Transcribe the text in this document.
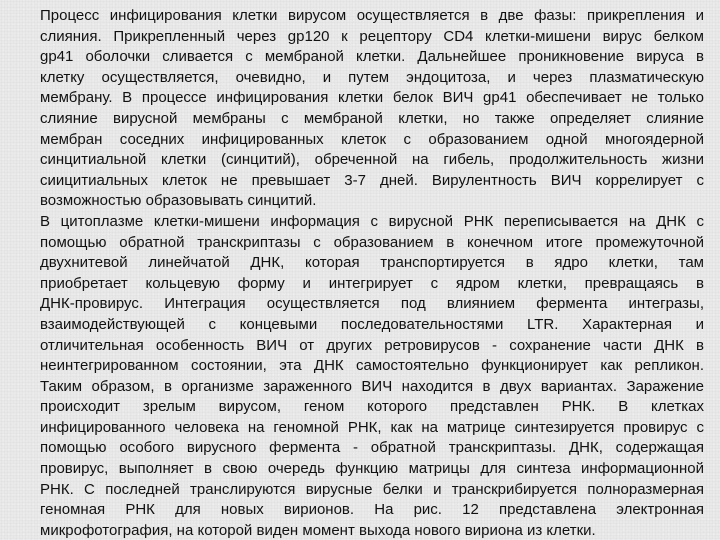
Процесс инфицирования клетки вирусом осуществляется в две фазы: прикрепления и
слияния. Прикрепленный через gp120 к рецептору CD4 клетки-мишени вирус белком
gp41 оболочки сливается с мембраной клетки. Дальнейшее проникновение вируса в
клетку осуществляется, очевидно, и путем эндоцитоза, и через плазматическую
мембрану. В процессе инфицирования клетки белок ВИЧ gp41 обеспечивает не только
слияние вирусной мембраны с мембраной клетки, но также определяет слияние
мембран соседних инфицированных клеток с образованием одной многоядерной
синцитиальной клетки (синцитий), обреченной на гибель, продолжительность жизни
сиицитиальных клеток не превышает 3-7 дней. Вирулентность ВИЧ коррелирует с
возможностью образовывать синцитий.

В цитоплазме клетки-мишени информация с вирусной РНК переписывается на ДНК с
помощью обратной транскриптазы с образованием в конечном итоге промежуточной
двухнитевой линейчатой ДНК, которая транспортируется в ядро клетки, там
приобретает кольцевую форму и интегрирует с ядром клетки, превращаясь в
ДНК-провирус. Интеграция осуществляется под влиянием фермента интегразы,
взаимодействующей с концевыми последовательностями LTR. Характерная и
отличительная особенность ВИЧ от других ретровирусов - сохранение части ДНК в
неинтегрированном состоянии, эта ДНК самостоятельно функционирует как репликон.
Таким образом, в организме зараженного ВИЧ находится в двух вариантах. Заражение
происходит зрелым вирусом, геном которого представлен РНК. В клетках
инфицированного человека на геномной РНК, как на матрице синтезируется провирус с
помощью особого вирусного фермента - обратной транскриптазы. ДНК, содержащая
провирус, выполняет в свою очередь функцию матрицы для синтеза информационной
РНК. С последней транслируются вирусные белки и транскрибируется полноразмерная
геномная РНК для новых вирионов. На рис. 12 представлена электронная
микрофотография, на которой виден момент выхода нового вириона из клетки.
